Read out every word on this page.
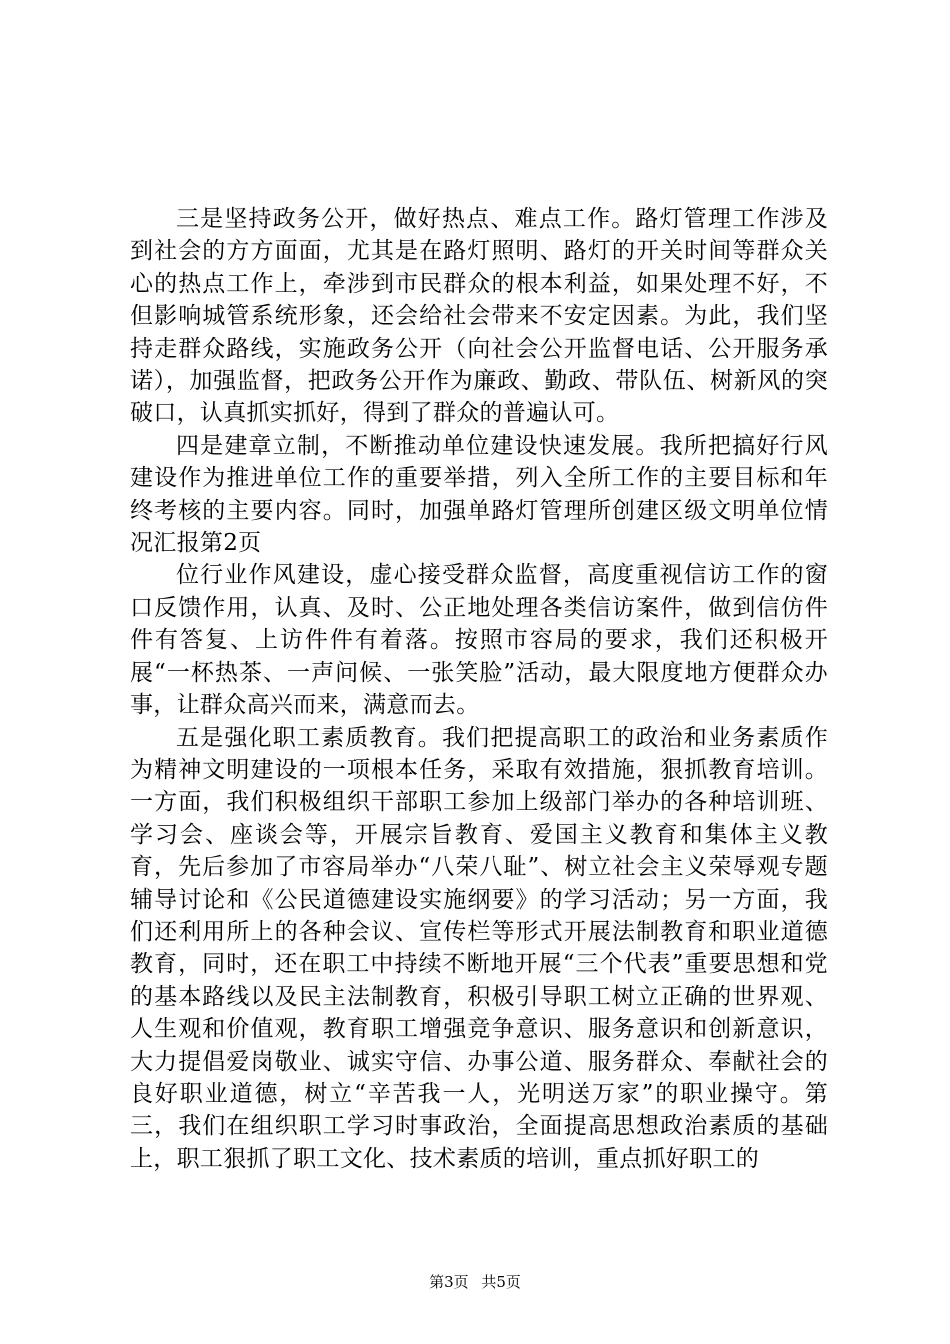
三是坚持政务公开，做好热点、难点工作。路灯管理工作涉及到社会的方方面面，尤其是在路灯照明、路灯的开关时间等群众关心的热点工作上，牵涉到市民群众的根本利益，如果处理不好，不但影响城管系统形象，还会给社会带来不安定因素。为此，我们坚持走群众路线，实施政务公开（向社会公开监督电话、公开服务承诺），加强监督，把政务公开作为廉政、勤政、带队伍、树新风的突破口，认真抓实抓好，得到了群众的普遍认可。

四是建章立制，不断推动单位建设快速发展。我所把搞好行风建设作为推进单位工作的重要举措，列入全所工作的主要目标和年终考核的主要内容。同时，加强单路灯管理所创建区级文明单位情况汇报第2页

位行业作风建设，虚心接受群众监督，高度重视信访工作的窗口反馈作用，认真、及时、公正地处理各类信访案件，做到信仿件件有答复、上访件件有着落。按照市容局的要求，我们还积极开展“一杯热茶、一声问候、一张笑脸”活动，最大限度地方便群众办事，让群众高兴而来，满意而去。

五是强化职工素质教育。我们把提高职工的政治和业务素质作为精神文明建设的一项根本任务，采取有效措施，狠抓教育培训。一方面，我们积极组织干部职工参加上级部门举办的各种培训班、学习会、座谈会等，开展宗旨教育、爱国主义教育和集体主义教育，先后参加了市容局举办“八荣八耻”、树立社会主义荣辱观专题辅导讨论和《公民道德建设实施纲要》的学习活动；另一方面，我们还利用所上的各种会议、宣传栏等形式开展法制教育和职业道德教育，同时，还在职工中持续不断地开展“三个代表”重要思想和党的基本路线以及民主法制教育，积极引导职工树立正确的世界观、人生观和价值观，教育职工增强竞争意识、服务意识和创新意识，大力提倡爱岗敬业、诚实守信、办事公道、服务群众、奉献社会的良好职业道德，树立“辛苦我一人，光明送万家”的职业操守。第三，我们在组织职工学习时事政治，全面提高思想政治素质的基础上，职工狠抓了职工文化、技术素质的培训，重点抓好职工的

第3页 共5页
